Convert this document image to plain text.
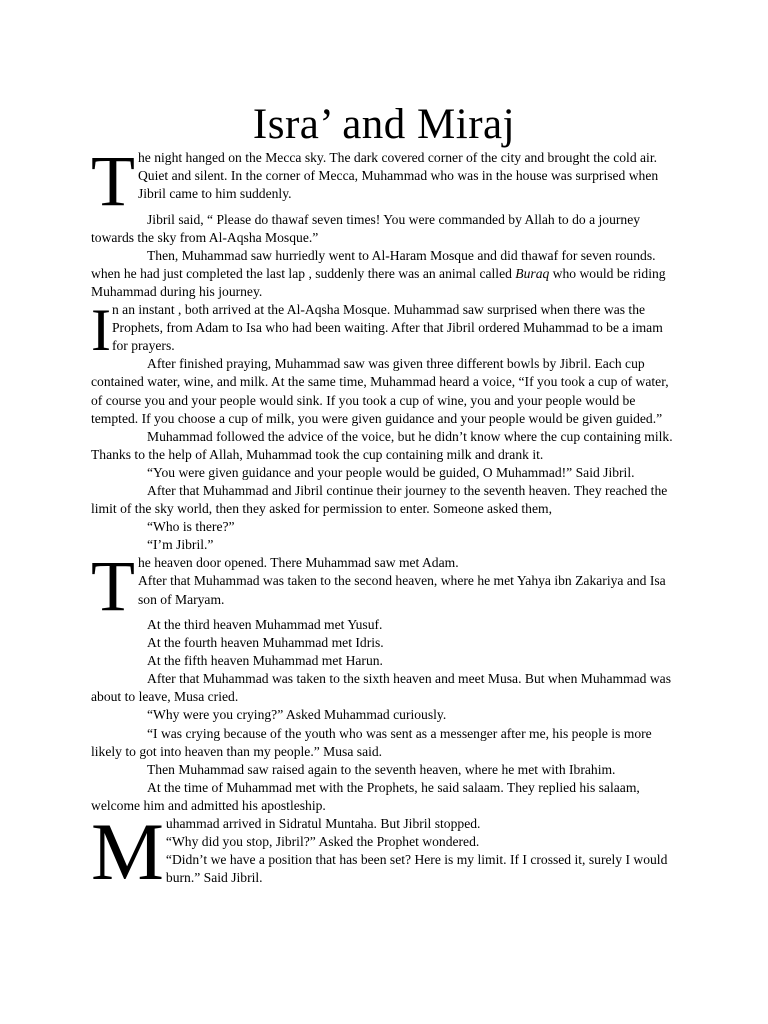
Isra’ and Miraj
T he night hanged on the Mecca sky. The dark covered corner of the city and brought the cold air. Quiet and silent. In the corner of Mecca, Muhammad who was in the house was surprised when Jibril came to him suddenly.

Jibril said, “ Please do thawaf seven times! You were commanded by Allah to do a journey towards the sky from Al-Aqsha Mosque.”

Then, Muhammad saw hurriedly went to Al-Haram Mosque and did thawaf for seven rounds. when he had just completed the last lap , suddenly there was an animal called Buraq who would be riding Muhammad during his journey.

I n an instant , both arrived at the Al-Aqsha Mosque. Muhammad saw surprised when there was the Prophets, from Adam to Isa who had been waiting. After that Jibril ordered Muhammad to be a imam for prayers.

After finished praying, Muhammad saw was given three different bowls by Jibril. Each cup contained water, wine, and milk. At the same time, Muhammad heard a voice, “If you took a cup of water, of course you and your people would sink. If you took a cup of wine, you and your people would be tempted. If you choose a cup of milk, you were given guidance and your people would be given guided.”

Muhammad followed the advice of the voice, but he didn’t know where the cup containing milk. Thanks to the help of Allah, Muhammad took the cup containing milk and drank it.

“You were given guidance and your people would be guided, O Muhammad!” Said Jibril.

After that Muhammad and Jibril continue their journey to the seventh heaven. They reached the limit of the sky world, then they asked for permission to enter. Someone asked them,

“Who is there?”

“I’m Jibril.”

T he heaven door opened. There Muhammad saw met Adam.

After that Muhammad was taken to the second heaven, where he met Yahya ibn Zakariya and Isa son of Maryam.

At the third heaven Muhammad met Yusuf.

At the fourth heaven Muhammad met Idris.

At the fifth heaven Muhammad met Harun.

After that Muhammad was taken to the sixth heaven and meet Musa. But when Muhammad was about to leave, Musa cried.

“Why were you crying?” Asked Muhammad curiously.

“I was crying because of the youth who was sent as a messenger after me, his people is more likely to got into heaven than my people.” Musa said.

Then Muhammad saw raised again to the seventh heaven, where he met with Ibrahim.

At the time of Muhammad met with the Prophets, he said salaam. They replied his salaam, welcome him and admitted his apostleship.

M uhammad arrived in Sidratul Muntaha. But Jibril stopped.

“Why did you stop, Jibril?” Asked the Prophet wondered.

“Didn’t we have a position that has been set? Here is my limit. If I crossed it, surely I would burn.” Said Jibril.
